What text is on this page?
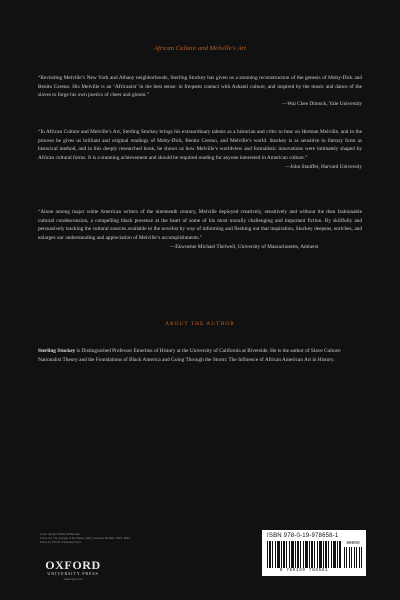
African Culture and Melville's Art

“Revisiting Melville’s New York and Albany neighborhoods, Sterling Stuckey has given us a stunning reconstruction of the genesis of Moby-Dick and Benito Cereno. His Melville is an ‘Africanist’ in the best sense: in frequent contact with Ashanti culture, and inspired by the music and dance of the slaves to forge his own poetics of cheer and gloom.”

—Wai Chee Dimock, Yale University

“In African Culture and Melville’s Art, Sterling Stuckey brings his extraordinary talents as a historian and critic to bear on Herman Melville, and in the process he gives us brilliant and original readings of Moby-Dick, Benito Cereno, and Melville’s world. Stuckey is as sensitive to literary form as historical method, and in this deeply researched book, he shows us how Melville’s worldview and formalistic innovations were intimately shaped by African cultural forms. It is a stunning achievement and should be required reading for anyone interested in American culture.”

—John Stauffer, Harvard University

“Alone among major white American writers of the nineteenth century, Melville deployed creatively, sensitively and without the then fashionable cultural condescension, a compelling black presence at the heart of some of his most morally challenging and important fiction. By skillfully and persuasively tracking the cultural sources available to the novelist by way of informing and fleshing out that inspiration, Stuckey deepens, enriches, and enlarges our understanding and appreciation of Melville’s accomplishments.”

—Ekwueme Michael Thelwell, University of Massachusetts, Amherst

ABOUT THE AUTHOR
Sterling Stuckey is Distinguished Professor Emeritus of History at the University of California at Riverside. He is the author of Slave Culture: Nationalist Theory and the Foundations of Black America and Going Through the Storm: The Influence of African American Art in History.
Cover design: Brady McNamara
Cover art: The Voyage of the Slaver (after), Herman Melville, 1819–1891
Photo by Oxford University Press
OXFORD
UNIVERSITY PRESS
www.oup.com
ISBN 978-0-19-978658-1
9 780199 786581
90000
